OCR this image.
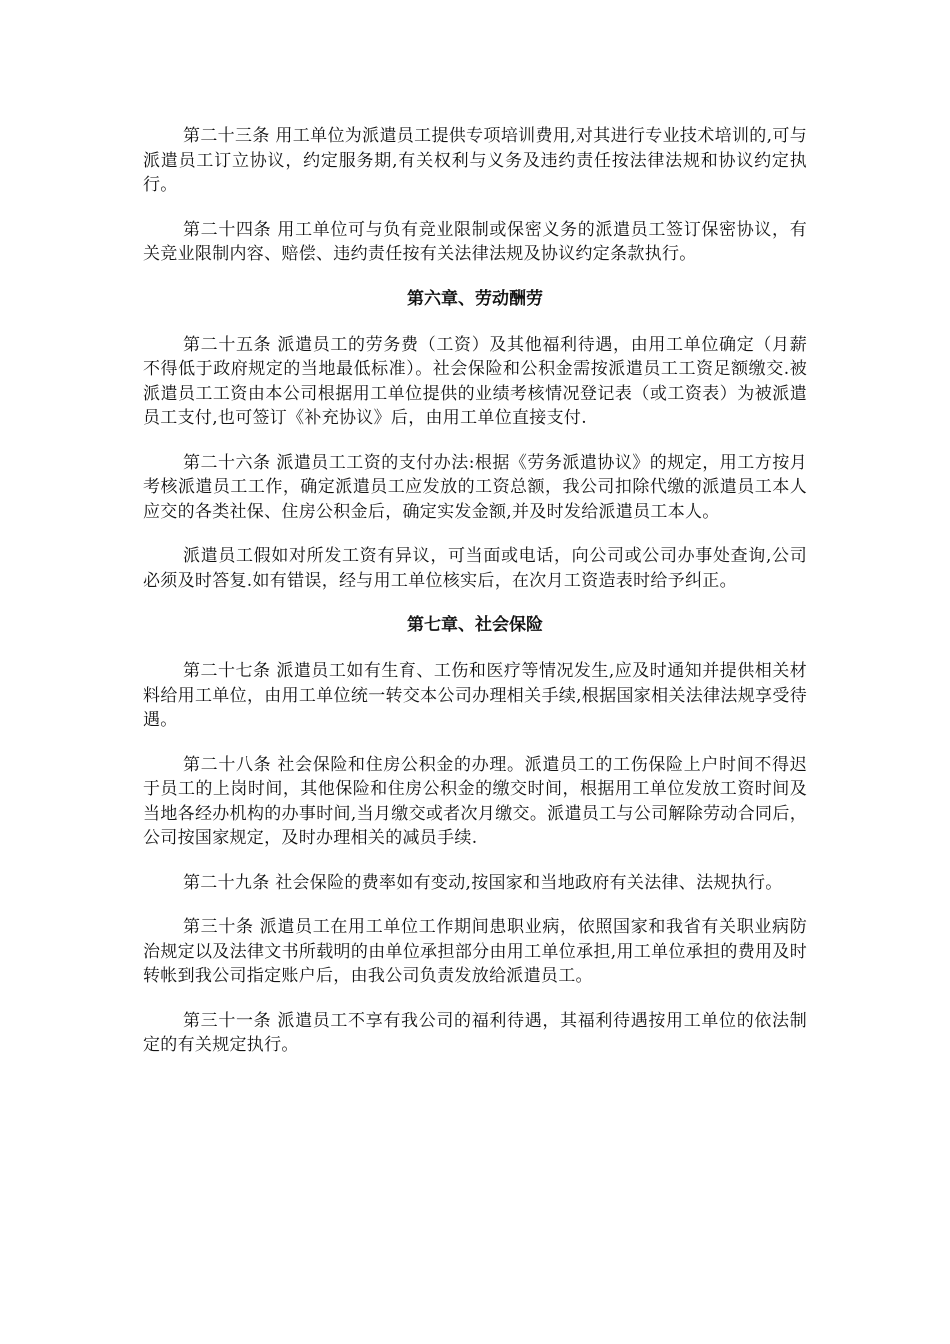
第二十三条 用工单位为派遣员工提供专项培训费用,对其进行专业技术培训的,可与派遣员工订立协议，约定服务期,有关权利与义务及违约责任按法律法规和协议约定执行。

第二十四条 用工单位可与负有竞业限制或保密义务的派遣员工签订保密协议，有关竞业限制内容、赔偿、违约责任按有关法律法规及协议约定条款执行。

第六章、劳动酬劳

第二十五条 派遣员工的劳务费（工资）及其他福利待遇，由用工单位确定（月薪不得低于政府规定的当地最低标准）。社会保险和公积金需按派遣员工工资足额缴交.被派遣员工工资由本公司根据用工单位提供的业绩考核情况登记表（或工资表）为被派遣员工支付,也可签订《补充协议》后，由用工单位直接支付.

第二十六条 派遣员工工资的支付办法:根据《劳务派遣协议》的规定，用工方按月考核派遣员工工作，确定派遣员工应发放的工资总额，我公司扣除代缴的派遣员工本人应交的各类社保、住房公积金后，确定实发金额,并及时发给派遣员工本人。

派遣员工假如对所发工资有异议，可当面或电话，向公司或公司办事处查询,公司必须及时答复.如有错误，经与用工单位核实后，在次月工资造表时给予纠正。

第七章、社会保险

第二十七条 派遣员工如有生育、工伤和医疗等情况发生,应及时通知并提供相关材料给用工单位，由用工单位统一转交本公司办理相关手续,根据国家相关法律法规享受待遇。

第二十八条 社会保险和住房公积金的办理。派遣员工的工伤保险上户时间不得迟于员工的上岗时间，其他保险和住房公积金的缴交时间，根据用工单位发放工资时间及当地各经办机构的办事时间,当月缴交或者次月缴交。派遣员工与公司解除劳动合同后，公司按国家规定，及时办理相关的减员手续.

第二十九条 社会保险的费率如有变动,按国家和当地政府有关法律、法规执行。

第三十条 派遣员工在用工单位工作期间患职业病，依照国家和我省有关职业病防治规定以及法律文书所载明的由单位承担部分由用工单位承担,用工单位承担的费用及时转帐到我公司指定账户后，由我公司负责发放给派遣员工。

第三十一条 派遣员工不享有我公司的福利待遇，其福利待遇按用工单位的依法制定的有关规定执行。
